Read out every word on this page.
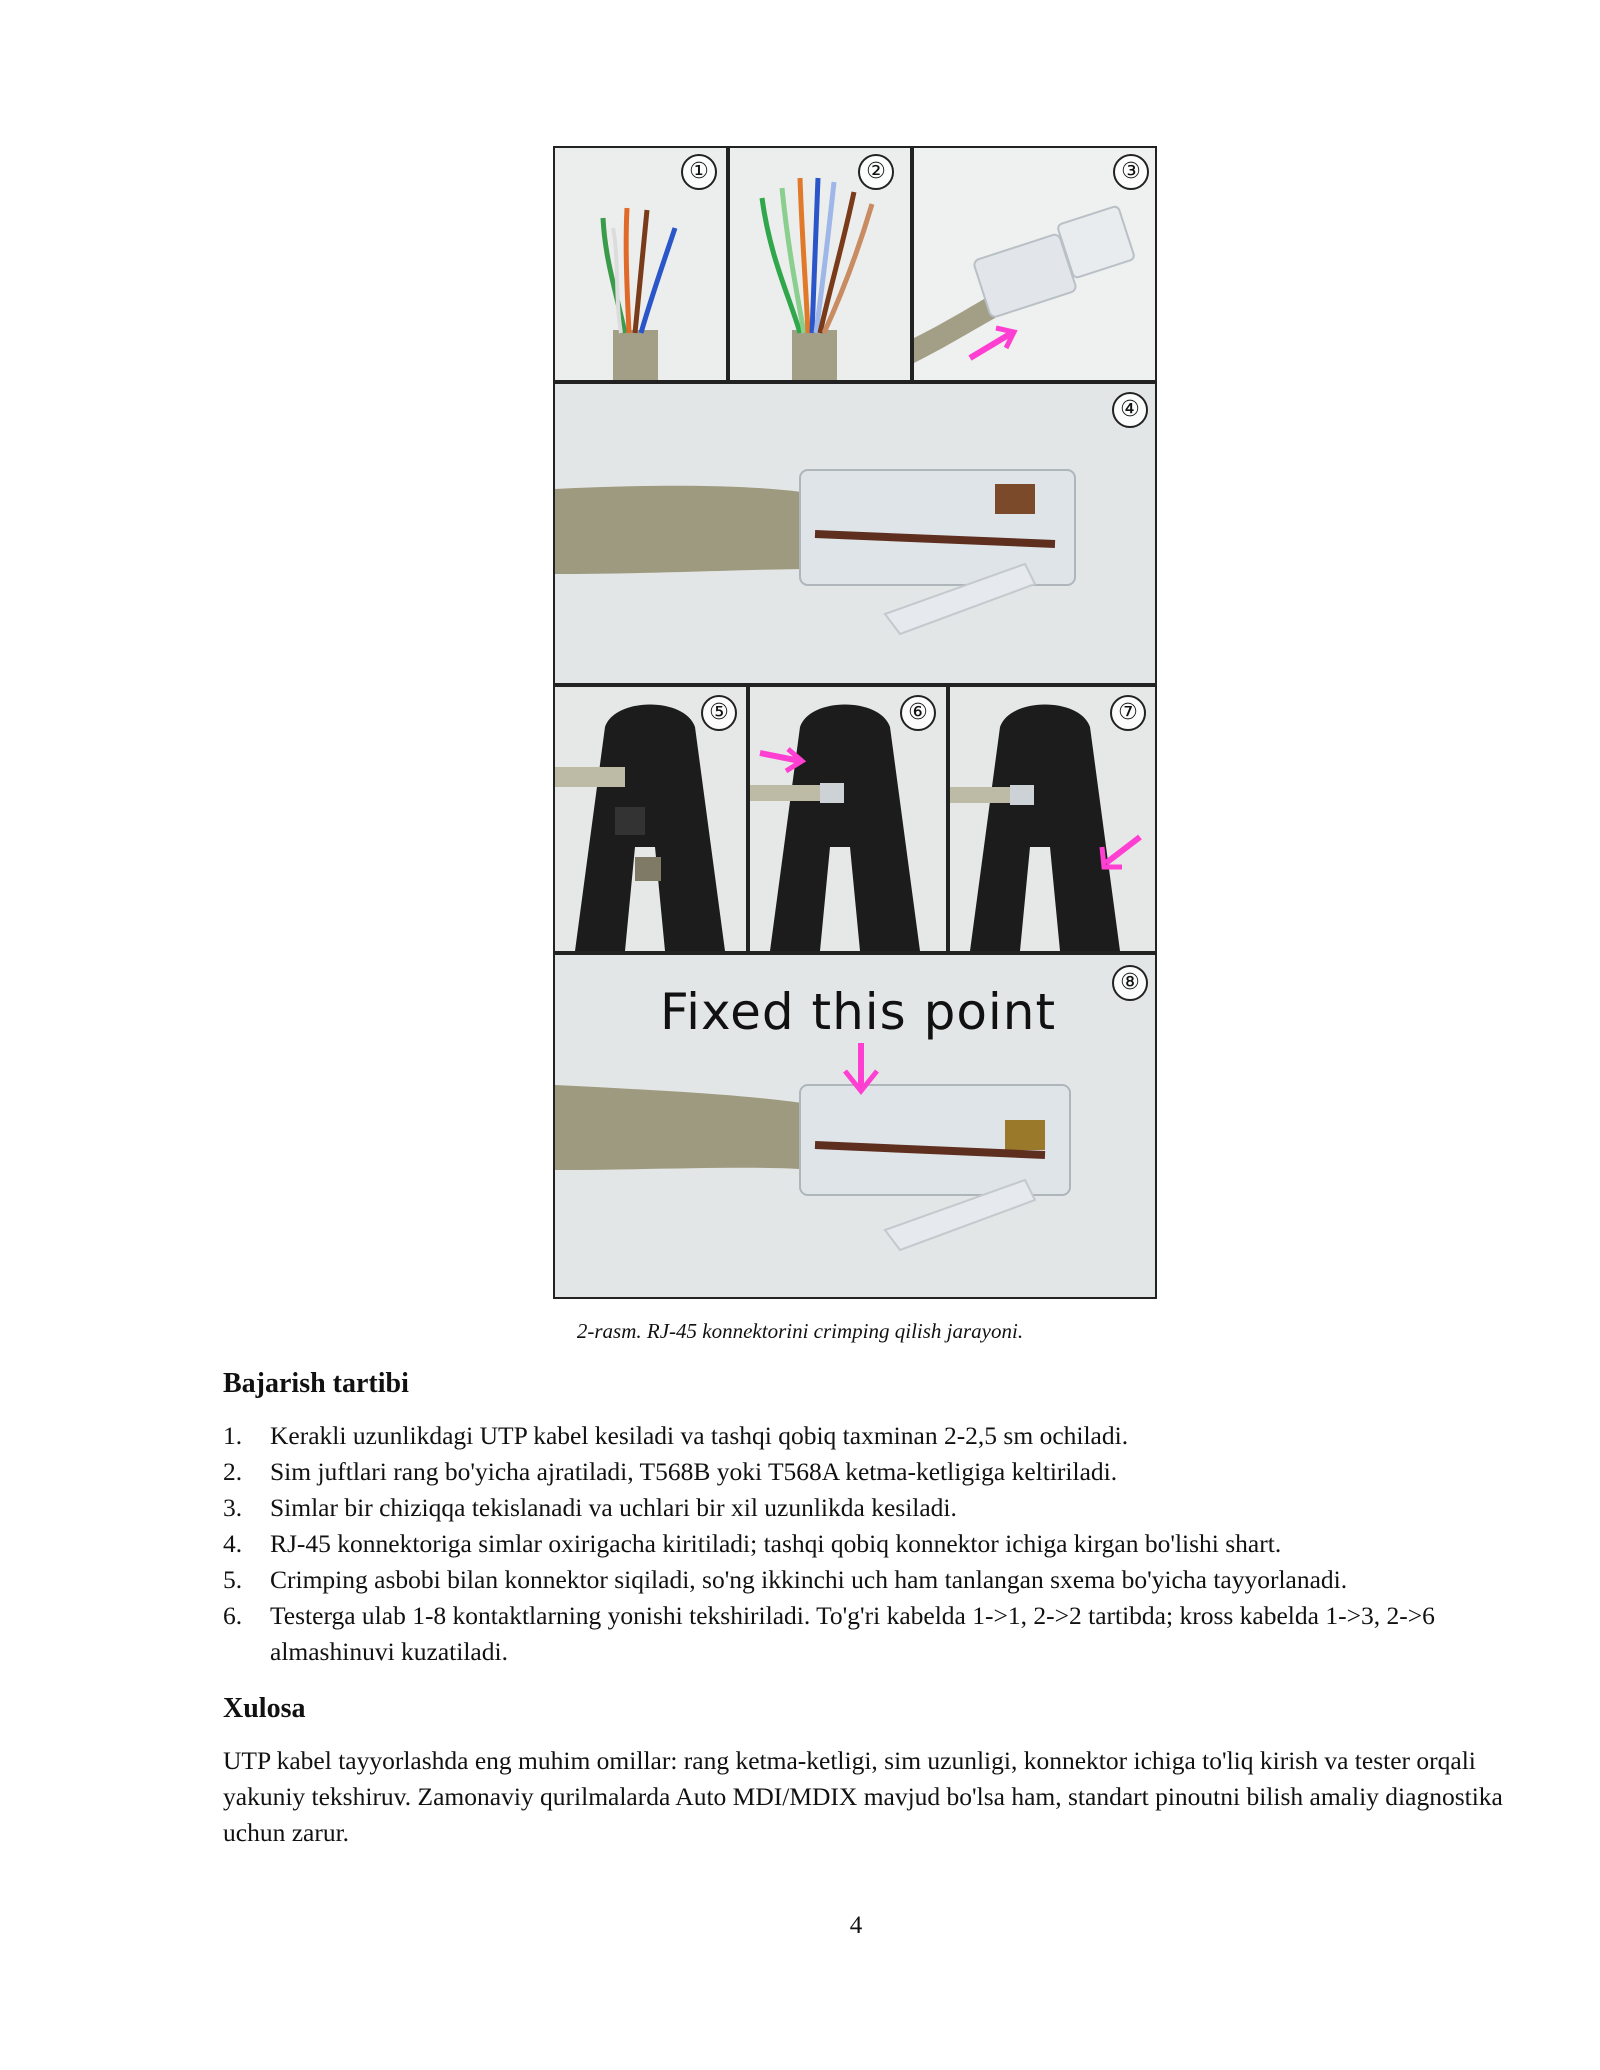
①	②	③
④
⑤	⑥	⑦
Fixed this point
⑧
2-rasm. RJ-45 konnektorini crimping qilish jarayoni.
Bajarish tartibi
1. Kerakli uzunlikdagi UTP kabel kesiladi va tashqi qobiq taxminan 2-2,5 sm ochiladi.
2. Sim juftlari rang bo'yicha ajratiladi, T568B yoki T568A ketma-ketligiga keltiriladi.
3. Simlar bir chiziqqa tekislanadi va uchlari bir xil uzunlikda kesiladi.
4. RJ-45 konnektoriga simlar oxirigacha kiritiladi; tashqi qobiq konnektor ichiga kirgan bo'lishi shart.
5. Crimping asbobi bilan konnektor siqiladi, so'ng ikkinchi uch ham tanlangan sxema bo'yicha tayyorlanadi.
6. Testerga ulab 1-8 kontaktlarning yonishi tekshiriladi. To'g'ri kabelda 1->1, 2->2 tartibda; kross kabelda 1->3, 2->6 almashinuvi kuzatiladi.
Xulosa

UTP kabel tayyorlashda eng muhim omillar: rang ketma-ketligi, sim uzunligi, konnektor ichiga to'liq kirish va tester orqali yakuniy tekshiruv. Zamonaviy qurilmalarda Auto MDI/MDIX mavjud bo'lsa ham, standart pinoutni bilish amaliy diagnostika uchun zarur.

4
